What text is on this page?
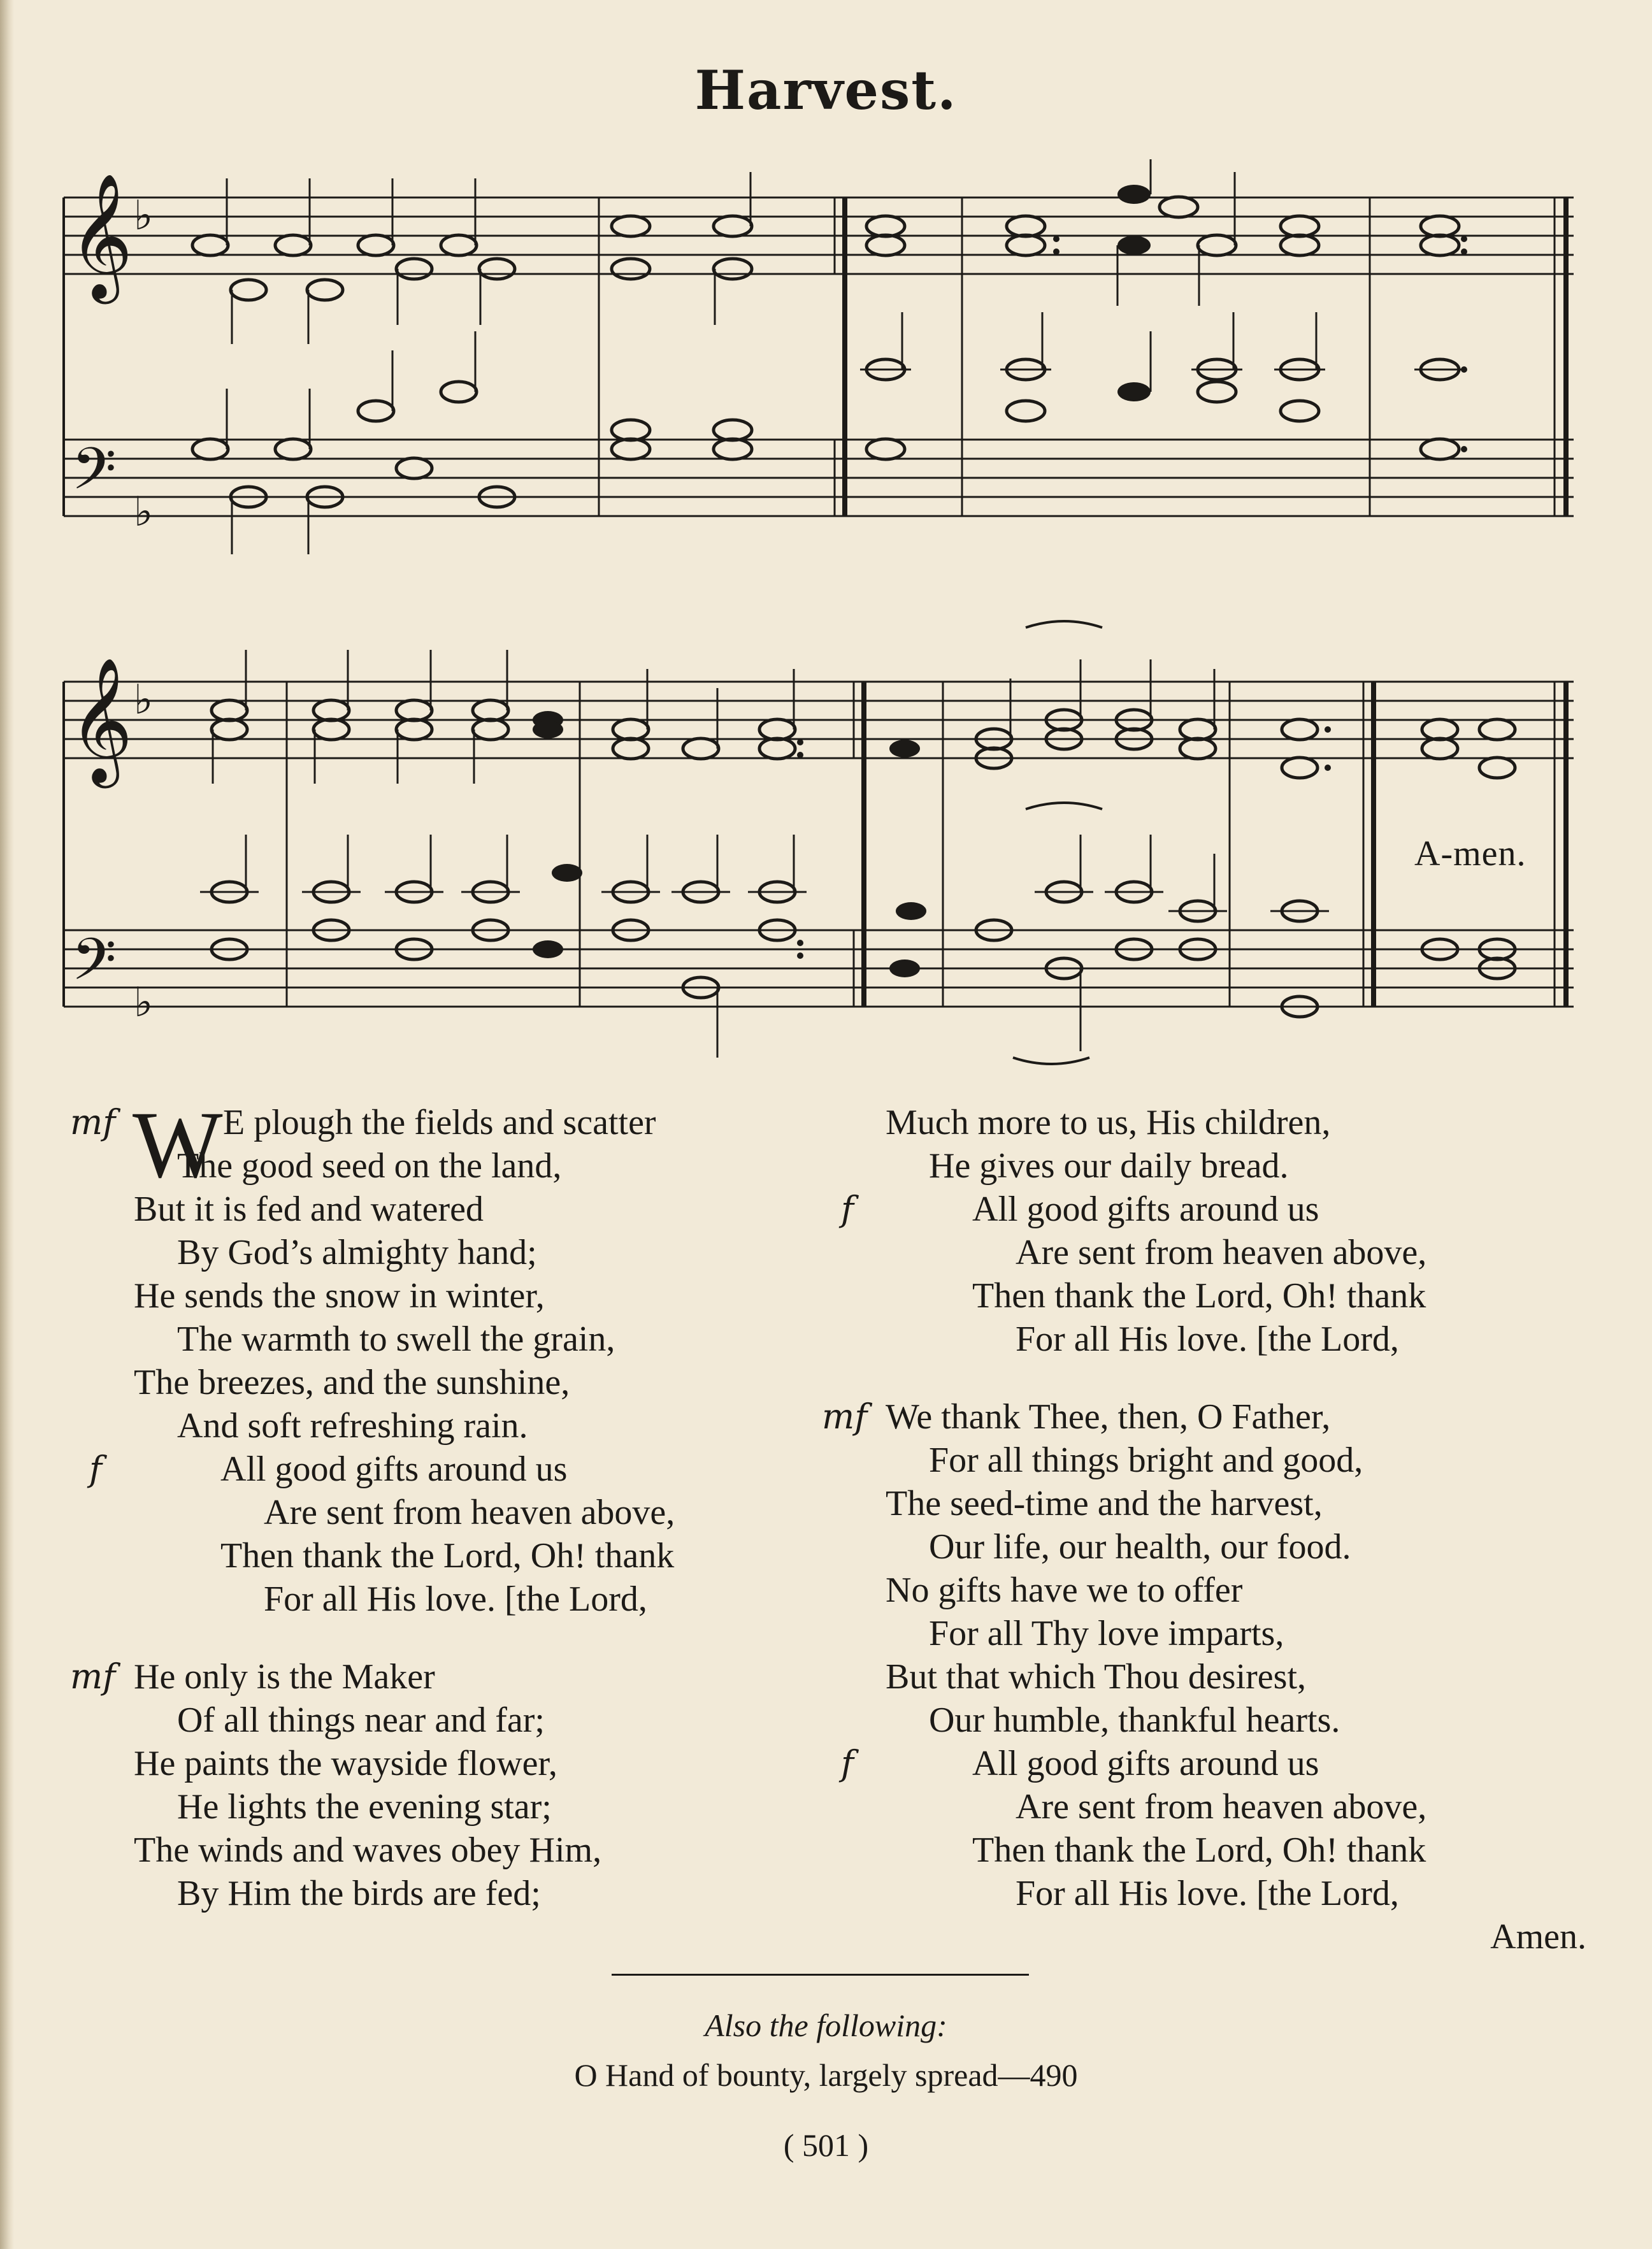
Harvest.
𝄞
𝄢
♭
♭
𝄞
𝄢
♭
♭
A-men.
mf W E plough the fields and scatter
The good seed on the land,
But it is fed and watered
By God’s almighty hand;
He sends the snow in winter,
The warmth to swell the grain,
The breezes, and the sunshine,
And soft refreshing rain.
f	All good gifts around us
Are sent from heaven above,
Then thank the Lord, Oh! thank
For all His love. [the Lord,
mf He only is the Maker
Of all things near and far;
He paints the wayside flower,
He lights the evening star;
The winds and waves obey Him,
By Him the birds are fed;
Much more to us, His children,
He gives our daily bread.
f	All good gifts around us
Are sent from heaven above,
Then thank the Lord, Oh! thank
For all His love. [the Lord,
mf We thank Thee, then, O Father,
For all things bright and good,
The seed-time and the harvest,
Our life, our health, our food.
No gifts have we to offer
For all Thy love imparts,
But that which Thou desirest,
Our humble, thankful hearts.
f	All good gifts around us
Are sent from heaven above,
Then thank the Lord, Oh! thank
For all His love. [the Lord,
Amen.
Also the following:
O Hand of bounty, largely spread—490
( 501 )
